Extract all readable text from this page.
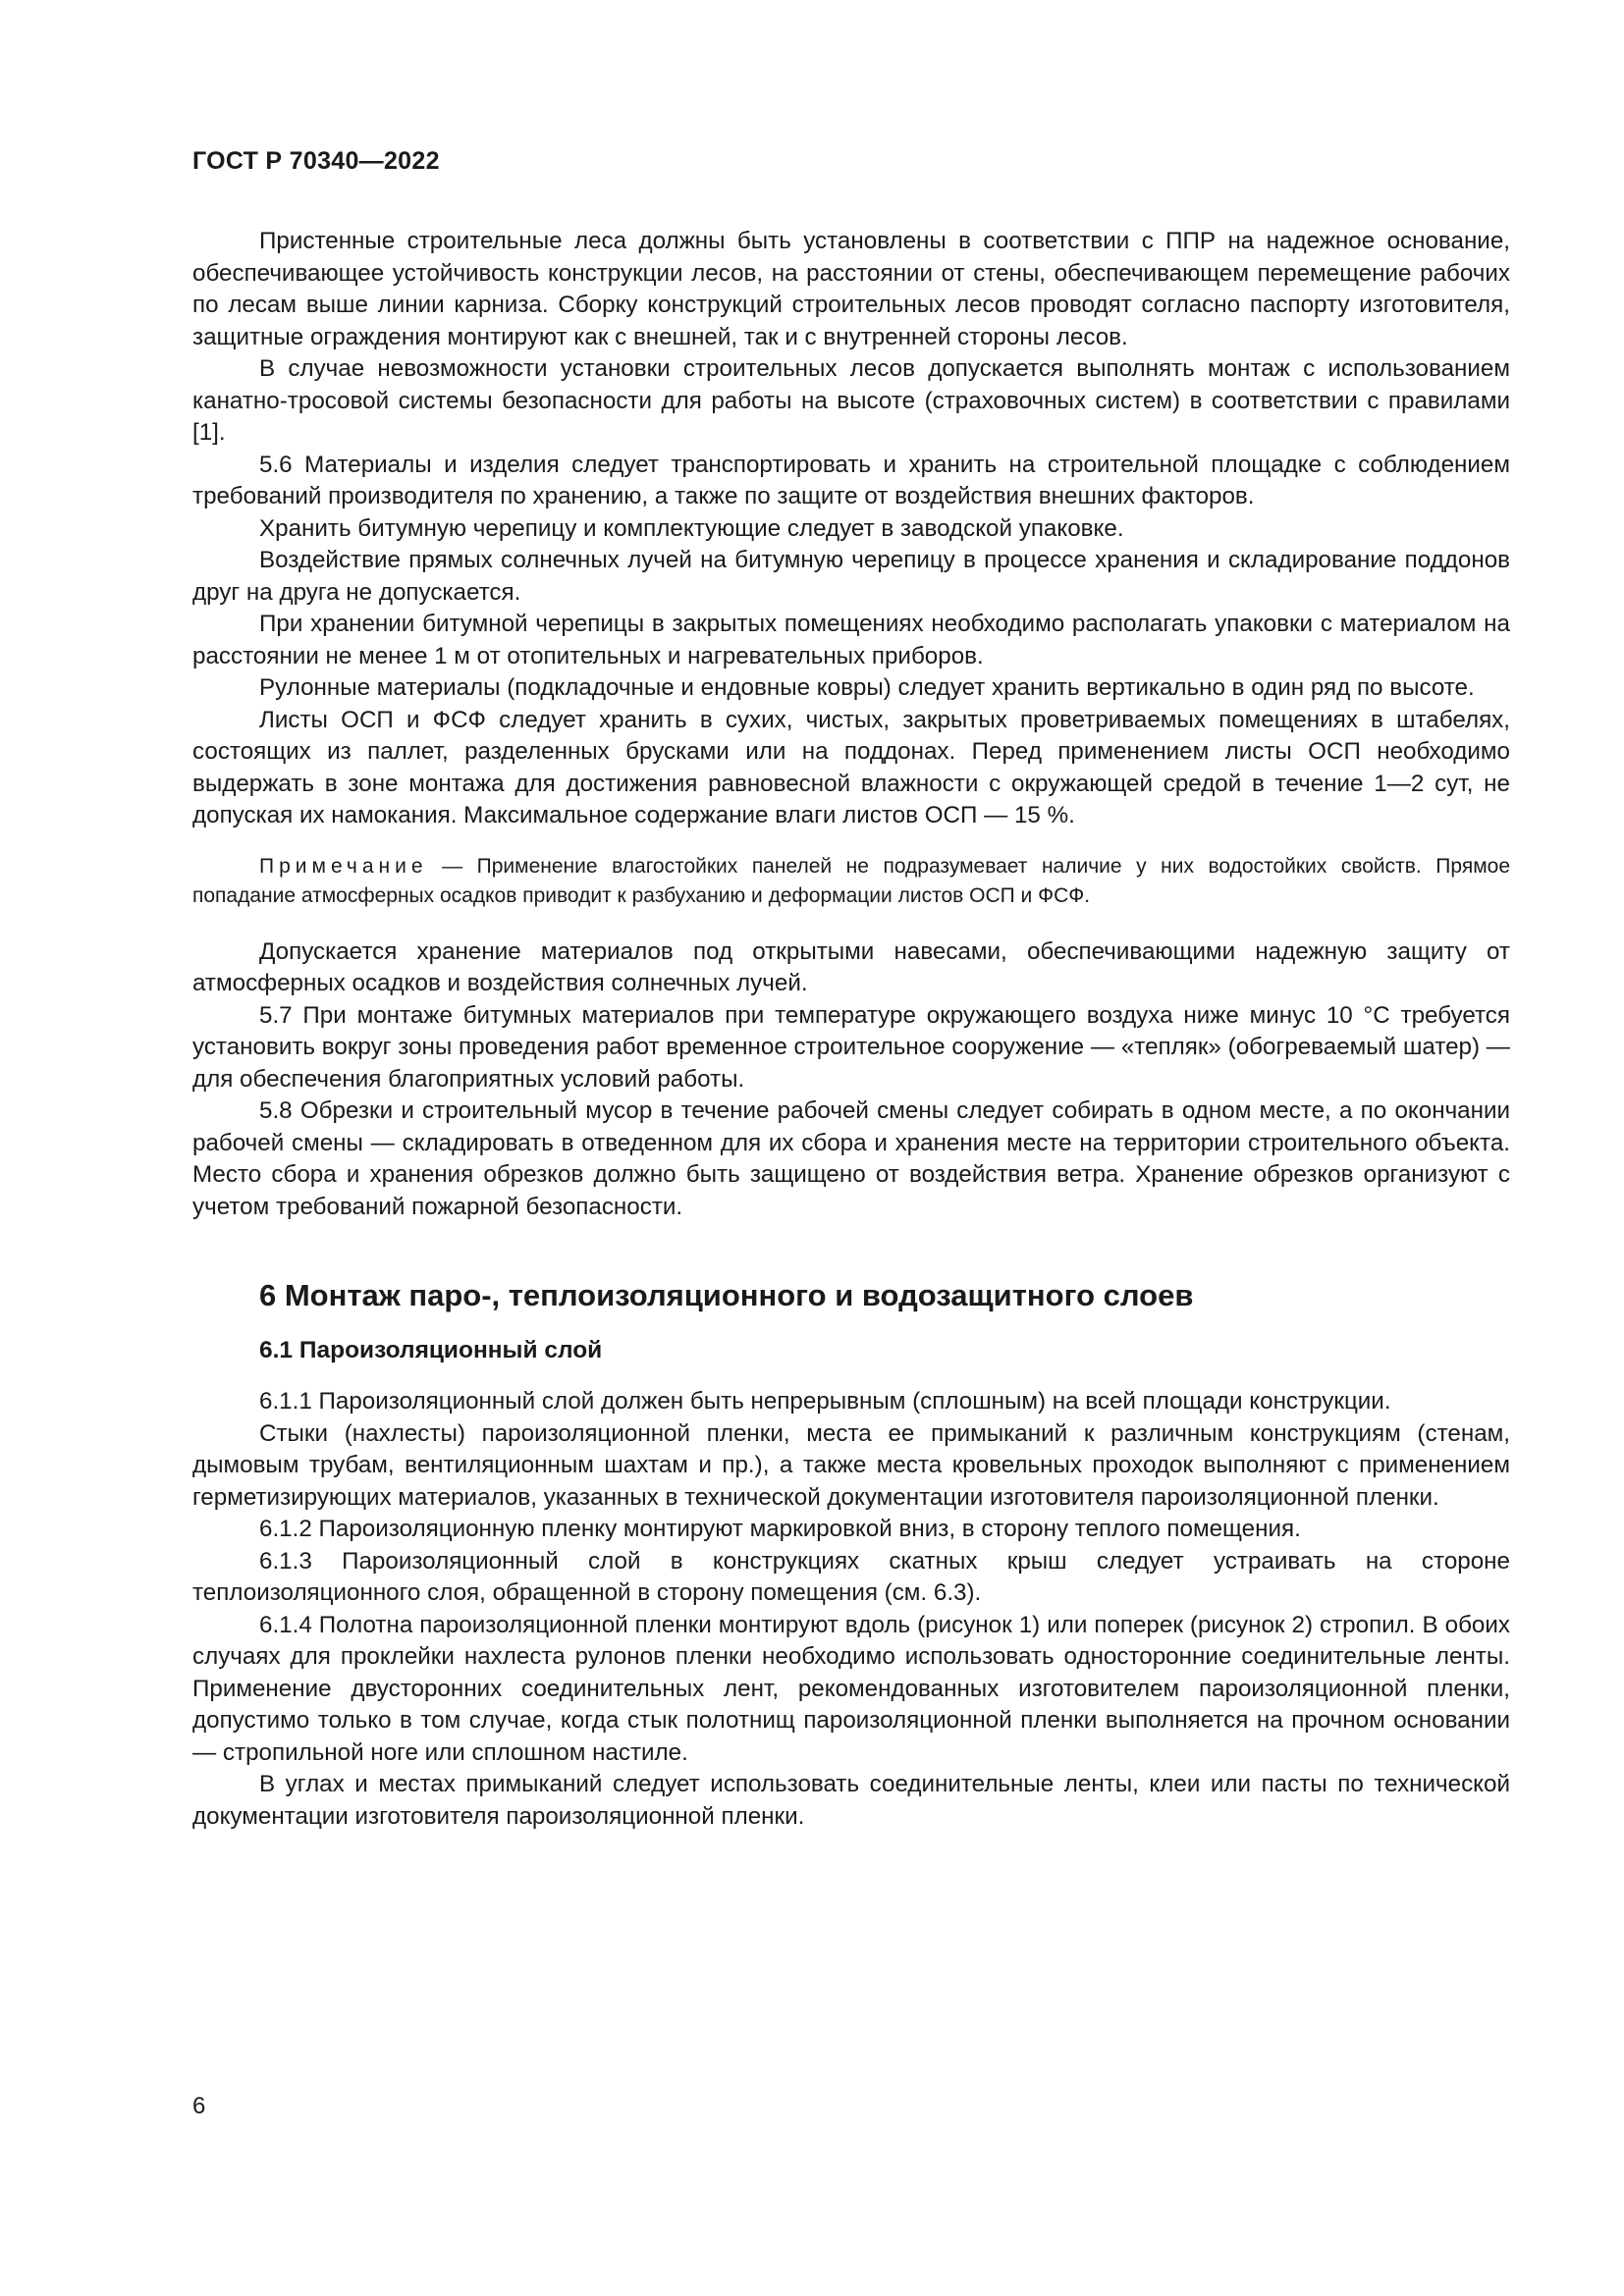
ГОСТ Р 70340—2022

Пристенные строительные леса должны быть установлены в соответствии с ППР на надежное основание, обеспечивающее устойчивость конструкции лесов, на расстоянии от стены, обеспечивающем перемещение рабочих по лесам выше линии карниза. Сборку конструкций строительных лесов проводят согласно паспорту изготовителя, защитные ограждения монтируют как с внешней, так и с внутренней стороны лесов.

В случае невозможности установки строительных лесов допускается выполнять монтаж с использованием канатно-тросовой системы безопасности для работы на высоте (страховочных систем) в соответствии с правилами [1].

5.6 Материалы и изделия следует транспортировать и хранить на строительной площадке с соблюдением требований производителя по хранению, а также по защите от воздействия внешних факторов.

Хранить битумную черепицу и комплектующие следует в заводской упаковке.

Воздействие прямых солнечных лучей на битумную черепицу в процессе хранения и складирование поддонов друг на друга не допускается.

При хранении битумной черепицы в закрытых помещениях необходимо располагать упаковки с материалом на расстоянии не менее 1 м от отопительных и нагревательных приборов.

Рулонные материалы (подкладочные и ендовные ковры) следует хранить вертикально в один ряд по высоте.

Листы ОСП и ФСФ следует хранить в сухих, чистых, закрытых проветриваемых помещениях в штабелях, состоящих из паллет, разделенных брусками или на поддонах. Перед применением листы ОСП необходимо выдержать в зоне монтажа для достижения равновесной влажности с окружающей средой в течение 1—2 сут, не допуская их намокания. Максимальное содержание влаги листов ОСП — 15 %.

Примечание — Применение влагостойких панелей не подразумевает наличие у них водостойких свойств. Прямое попадание атмосферных осадков приводит к разбуханию и деформации листов ОСП и ФСФ.

Допускается хранение материалов под открытыми навесами, обеспечивающими надежную защиту от атмосферных осадков и воздействия солнечных лучей.

5.7 При монтаже битумных материалов при температуре окружающего воздуха ниже минус 10 °С требуется установить вокруг зоны проведения работ временное строительное сооружение — «тепляк» (обогреваемый шатер) — для обеспечения благоприятных условий работы.

5.8 Обрезки и строительный мусор в течение рабочей смены следует собирать в одном месте, а по окончании рабочей смены — складировать в отведенном для их сбора и хранения месте на территории строительного объекта. Место сбора и хранения обрезков должно быть защищено от воздействия ветра. Хранение обрезков организуют с учетом требований пожарной безопасности.

6 Монтаж паро-, теплоизоляционного и водозащитного слоев
6.1 Пароизоляционный слой

6.1.1 Пароизоляционный слой должен быть непрерывным (сплошным) на всей площади конструкции.

Стыки (нахлесты) пароизоляционной пленки, места ее примыканий к различным конструкциям (стенам, дымовым трубам, вентиляционным шахтам и пр.), а также места кровельных проходок выполняют с применением герметизирующих материалов, указанных в технической документации изготовителя пароизоляционной пленки.

6.1.2 Пароизоляционную пленку монтируют маркировкой вниз, в сторону теплого помещения.

6.1.3 Пароизоляционный слой в конструкциях скатных крыш следует устраивать на стороне теплоизоляционного слоя, обращенной в сторону помещения (см. 6.3).

6.1.4 Полотна пароизоляционной пленки монтируют вдоль (рисунок 1) или поперек (рисунок 2) стропил. В обоих случаях для проклейки нахлеста рулонов пленки необходимо использовать односторонние соединительные ленты. Применение двусторонних соединительных лент, рекомендованных изготовителем пароизоляционной пленки, допустимо только в том случае, когда стык полотнищ пароизоляционной пленки выполняется на прочном основании — стропильной ноге или сплошном настиле.

В углах и местах примыканий следует использовать соединительные ленты, клеи или пасты по технической документации изготовителя пароизоляционной пленки.

6
